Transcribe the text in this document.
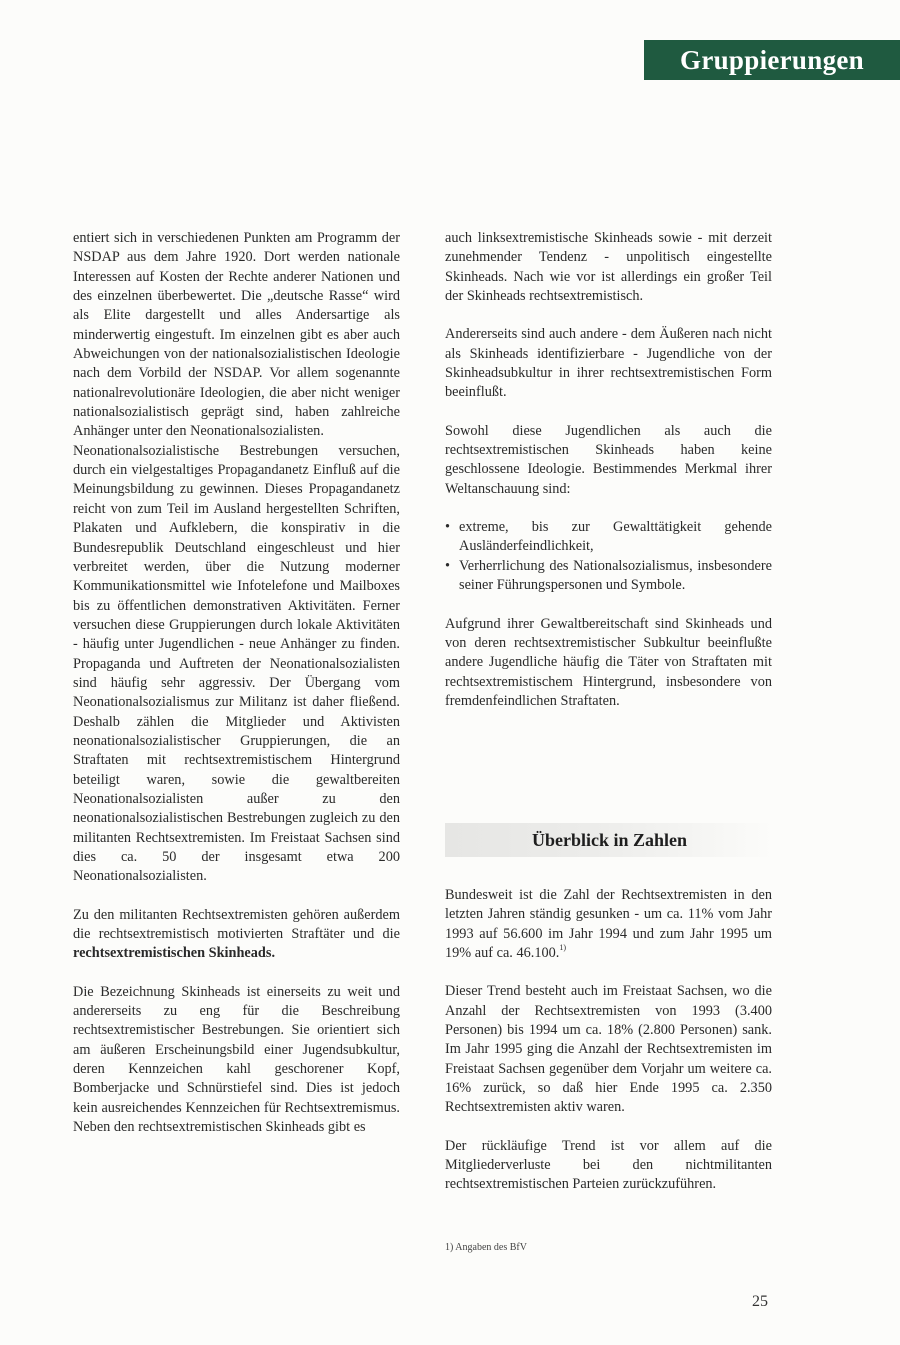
Gruppierungen

entiert sich in verschiedenen Punkten am Programm der NSDAP aus dem Jahre 1920. Dort werden nationale Interessen auf Kosten der Rechte anderer Nationen und des einzelnen überbewertet. Die „deutsche Rasse“ wird als Elite dargestellt und alles Andersartige als minderwertig eingestuft. Im einzelnen gibt es aber auch Abweichungen von der nationalsozialistischen Ideologie nach dem Vorbild der NSDAP. Vor allem sogenannte nationalrevolutionäre Ideologien, die aber nicht weniger nationalsozialistisch geprägt sind, haben zahlreiche Anhänger unter den Neonationalsozialisten.

Neonationalsozialistische Bestrebungen versuchen, durch ein vielgestaltiges Propagandanetz Einfluß auf die Meinungsbildung zu gewinnen. Dieses Propagandanetz reicht von zum Teil im Ausland hergestellten Schriften, Plakaten und Aufklebern, die konspirativ in die Bundesrepublik Deutschland eingeschleust und hier verbreitet werden, über die Nutzung moderner Kommunikationsmittel wie Infotelefone und Mailboxes bis zu öffentlichen demonstrativen Aktivitäten. Ferner versuchen diese Gruppierungen durch lokale Aktivitäten - häufig unter Jugendlichen - neue Anhänger zu finden. Propaganda und Auftreten der Neonationalsozialisten sind häufig sehr aggressiv. Der Übergang vom Neonationalsozialismus zur Militanz ist daher fließend. Deshalb zählen die Mitglieder und Aktivisten neonationalsozialistischer Gruppierungen, die an Straftaten mit rechtsextremistischem Hintergrund beteiligt waren, sowie die gewaltbereiten Neonationalsozialisten außer zu den neonationalsozialistischen Bestrebungen zugleich zu den militanten Rechtsextremisten. Im Freistaat Sachsen sind dies ca. 50 der insgesamt etwa 200 Neonationalsozialisten.

Zu den militanten Rechtsextremisten gehören außerdem die rechtsextremistisch motivierten Straftäter und die rechtsextremistischen Skinheads.

Die Bezeichnung Skinheads ist einerseits zu weit und andererseits zu eng für die Beschreibung rechtsextremistischer Bestrebungen. Sie orientiert sich am äußeren Erscheinungsbild einer Jugendsubkultur, deren Kennzeichen kahl geschorener Kopf, Bomberjacke und Schnürstiefel sind. Dies ist jedoch kein ausreichendes Kennzeichen für Rechtsextremismus. Neben den rechtsextremistischen Skinheads gibt es

auch linksextremistische Skinheads sowie - mit derzeit zunehmender Tendenz - unpolitisch eingestellte Skinheads. Nach wie vor ist allerdings ein großer Teil der Skinheads rechtsextremistisch.

Andererseits sind auch andere - dem Äußeren nach nicht als Skinheads identifizierbare - Jugendliche von der Skinheadsubkultur in ihrer rechtsextremistischen Form beeinflußt.

Sowohl diese Jugendlichen als auch die rechtsextremistischen Skinheads haben keine geschlossene Ideologie. Bestimmendes Merkmal ihrer Weltanschauung sind:

• extreme, bis zur Gewalttätigkeit gehende Ausländerfeindlichkeit,
• Verherrlichung des Nationalsozialismus, insbesondere seiner Führungspersonen und Symbole.

Aufgrund ihrer Gewaltbereitschaft sind Skinheads und von deren rechtsextremistischer Subkultur beeinflußte andere Jugendliche häufig die Täter von Straftaten mit rechtsextremistischem Hintergrund, insbesondere von fremdenfeindlichen Straftaten.

Überblick in Zahlen

Bundesweit ist die Zahl der Rechtsextremisten in den letzten Jahren ständig gesunken - um ca. 11% vom Jahr 1993 auf 56.600 im Jahr 1994 und zum Jahr 1995 um 19% auf ca. 46.100.$^{1)}$

Dieser Trend besteht auch im Freistaat Sachsen, wo die Anzahl der Rechtsextremisten von 1993 (3.400 Personen) bis 1994 um ca. 18% (2.800 Personen) sank. Im Jahr 1995 ging die Anzahl der Rechtsextremisten im Freistaat Sachsen gegenüber dem Vorjahr um weitere ca. 16% zurück, so daß hier Ende 1995 ca. 2.350 Rechtsextremisten aktiv waren.

Der rückläufige Trend ist vor allem auf die Mitgliederverluste bei den nichtmilitanten rechtsextremistischen Parteien zurückzuführen.

1) Angaben des BfV
25
